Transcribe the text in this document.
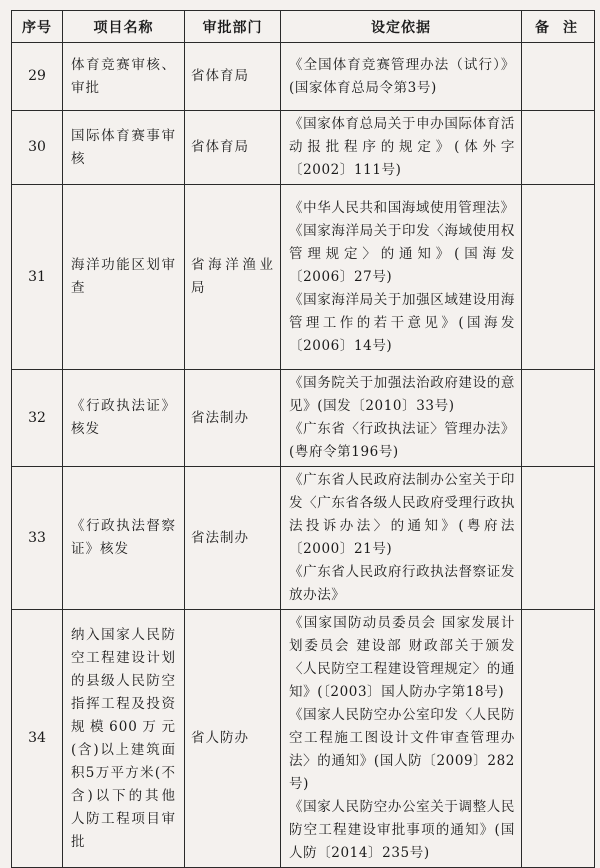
序号	项目名称	审批部门	设定依据	备注
29	体育竞赛审核、审批	省体育局	《全国体育竞赛管理办法（试行）》(国家体育总局令第3号)	

30	国际体育赛事审核	省体育局	《国家体育总局关于申办国际体育活动报批程序的规定》(体外字〔2002〕111号)	

31	海洋功能区划审查	省海洋渔业局	《中华人民共和国海域使用管理法》
《国家海洋局关于印发〈海域使用权管理规定〉的通知》(国海发〔2006〕27号)
《国家海洋局关于加强区域建设用海管理工作的若干意见》(国海发〔2006〕14号)	

32	《行政执法证》核发	省法制办	《国务院关于加强法治政府建设的意见》(国发〔2010〕33号)
《广东省〈行政执法证〉管理办法》(粤府令第196号)	

33	《行政执法督察证》核发	省法制办	《广东省人民政府法制办公室关于印发〈广东省各级人民政府受理行政执法投诉办法〉的通知》(粤府法〔2000〕21号)
《广东省人民政府行政执法督察证发放办法》	

34	纳入国家人民防空工程建设计划的县级人民防空指挥工程及投资规模600万元(含)以上建筑面积5万平方米(不含)以下的其他人防工程项目审批	省人防办	《国家国防动员委员会 国家发展计划委员会 建设部 财政部关于颁发〈人民防空工程建设管理规定〉的通知》(〔2003〕国人防办字第18号)
《国家人民防空办公室印发〈人民防空工程施工图设计文件审查管理办法〉的通知》(国人防〔2009〕282号)
《国家人民防空办公室关于调整人民防空工程建设审批事项的通知》(国人防〔2014〕235号)	
